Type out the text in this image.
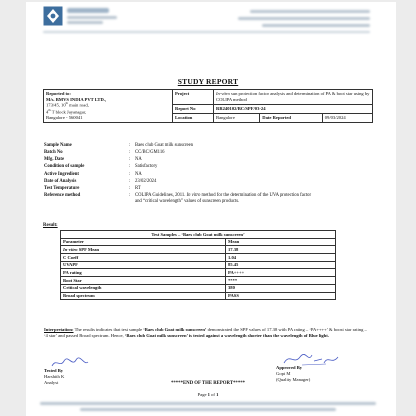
STUDY REPORT
Reported to:
M/s. BMVS INDIA PVT LTD.,
173/45, 10th main road,
4th T block Jayanagar,
Bangalore - 560041	Project	In-vitro sun protection factor analysis and determination of PA & boot star using by COLIPA method		
	Report No	RR240102/BC/SPF/03-24		
	Location	Bangalore	Date Reported	09/03/2024
Sample Name	: Baes club Goat milk sunscreen
Batch No	: CC/BC/GM116
Mfg. Date	: NA
Condition of sample	: Satisfactory
Active Ingredient	: NA
Date of Analysis	: 23/02/2024
Test Temperature	: RT
Reference method	: COLIPA Guidelines, 2011. In vitro method for the determination of the UVA protection factor and “critical wavelength” values of sunscreen products.
Result:
Test Samples – ‘Baes club Goat milk sunscreen’	
Parameter	Mean
In-vitro SPF Mean	17.38
C Coeff	1.04
UVAPF	85.45
PA rating	PA++++
Boot Star	****
Critical wavelength	380
Broad spectrum	PASS
Interpretation: The results indicates that test sample ‘Baes club Goat milk sunscreen’ demonstrated the SPF values of 17.38 with PA rating – ‘PA++++’ & boost star rating – ‘4 star’ and passed Broad spectrum. Hence, ‘Baes club Goat milk sunscreen’ is tested against a wavelength shorter than the wavelength of Blue light.
Tested By
Harshith K
Analyst
Approved By
Gopi M
(Quality Manager)
*****END OF THE REPORT*****
Page 1 of 1
